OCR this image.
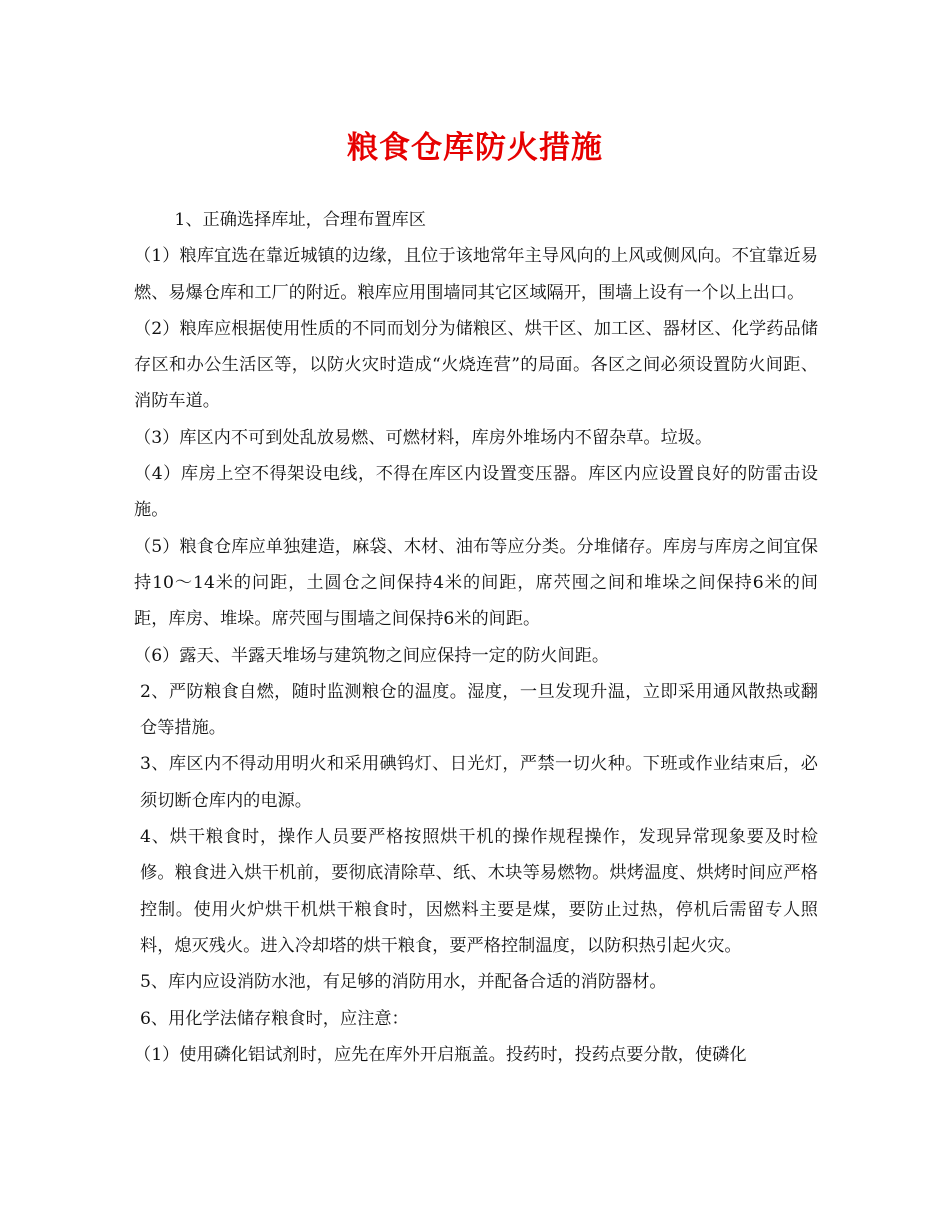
粮食仓库防火措施

1、正确选择库址，合理布置库区

（1）粮库宜选在靠近城镇的边缘，且位于该地常年主导风向的上风或侧风向。不宜靠近易燃、易爆仓库和工厂的附近。粮库应用围墙同其它区域隔开，围墙上设有一个以上出口。

（2）粮库应根据使用性质的不同而划分为储粮区、烘干区、加工区、器材区、化学药品储存区和办公生活区等，以防火灾时造成“火烧连营”的局面。各区之间必须设置防火间距、消防车道。

（3）库区内不可到处乱放易燃、可燃材料，库房外堆场内不留杂草。垃圾。

（4）库房上空不得架设电线，不得在库区内设置变压器。库区内应设置良好的防雷击设施。

（5）粮食仓库应单独建造，麻袋、木材、油布等应分类。分堆储存。库房与库房之间宜保持10～14米的问距，土圆仓之间保持4米的间距，席茓囤之间和堆垛之间保持6米的间距，库房、堆垛。席茓囤与围墙之间保持6米的间距。

（6）露天、半露天堆场与建筑物之间应保持一定的防火间距。

2、严防粮食自燃，随时监测粮仓的温度。湿度，一旦发现升温，立即采用通风散热或翻仓等措施。

3、库区内不得动用明火和采用碘钨灯、日光灯，严禁一切火种。下班或作业结束后，必须切断仓库内的电源。

4、烘干粮食时，操作人员要严格按照烘干机的操作规程操作，发现异常现象要及时检修。粮食进入烘干机前，要彻底清除草、纸、木块等易燃物。烘烤温度、烘烤时间应严格控制。使用火炉烘干机烘干粮食时，因燃料主要是煤，要防止过热，停机后需留专人照料，熄灭残火。进入冷却塔的烘干粮食，要严格控制温度，以防积热引起火灾。

5、库内应设消防水池，有足够的消防用水，并配备合适的消防器材。

6、用化学法储存粮食时，应注意：

（1）使用磷化铝试剂时，应先在库外开启瓶盖。投药时，投药点要分散，使磷化
